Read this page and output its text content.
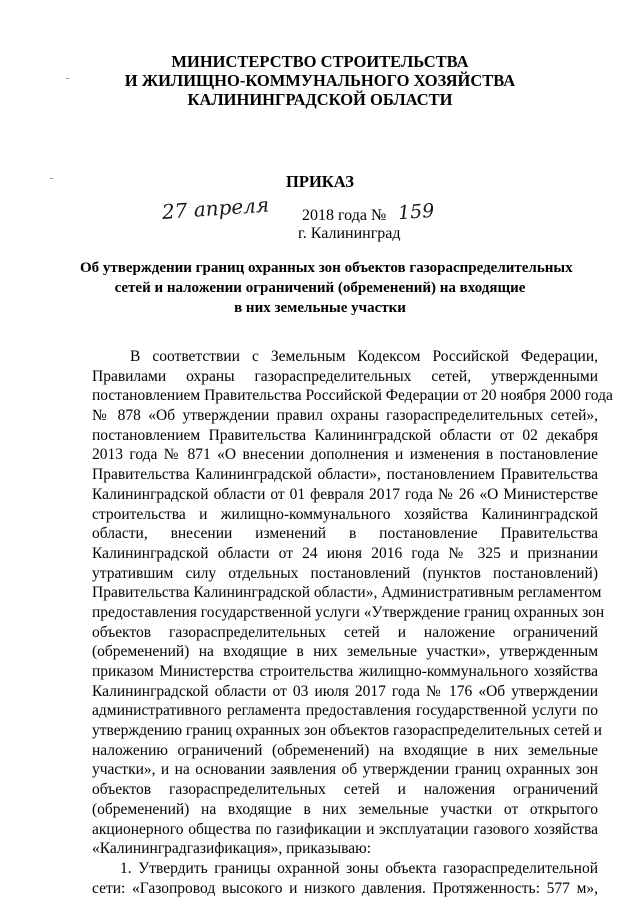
МИНИСТЕРСТВО СТРОИТЕЛЬСТВА
И ЖИЛИЩНО-КОММУНАЛЬНОГО ХОЗЯЙСТВА
КАЛИНИНГРАДСКОЙ ОБЛАСТИ
ПРИКАЗ
27 апреля 2018 года № 159
г. Калининград
Об утверждении границ охранных зон объектов газораспределительных
сетей и наложении ограничений (обременений) на входящие
в них земельные участки
В соответствии с Земельным Кодексом Российской Федерации,
Правилами охраны газораспределительных сетей, утвержденными
постановлением Правительства Российской Федерации от 20 ноября 2000 года
№ 878 «Об утверждении правил охраны газораспределительных сетей»,
постановлением Правительства Калининградской области от 02 декабря
2013 года № 871 «О внесении дополнения и изменения в постановление
Правительства Калининградской области», постановлением Правительства
Калининградской области от 01 февраля 2017 года № 26 «О Министерстве
строительства и жилищно-коммунального хозяйства Калининградской
области, внесении изменений в постановление Правительства
Калининградской области от 24 июня 2016 года № 325 и признании
утратившим силу отдельных постановлений (пунктов постановлений)
Правительства Калининградской области», Административным регламентом
предоставления государственной услуги «Утверждение границ охранных зон
объектов газораспределительных сетей и наложение ограничений
(обременений) на входящие в них земельные участки», утвержденным
приказом Министерства строительства жилищно-коммунального хозяйства
Калининградской области от 03 июля 2017 года № 176 «Об утверждении
административного регламента предоставления государственной услуги по
утверждению границ охранных зон объектов газораспределительных сетей и
наложению ограничений (обременений) на входящие в них земельные
участки», и на основании заявления об утверждении границ охранных зон
объектов газораспределительных сетей и наложения ограничений
(обременений) на входящие в них земельные участки от открытого
акционерного общества по газификации и эксплуатации газового хозяйства
«Калининградгазификация», приказываю:
1. Утвердить границы охранной зоны объекта газораспределительной
сети: «Газопровод высокого и низкого давления. Протяженность: 577 м»,
